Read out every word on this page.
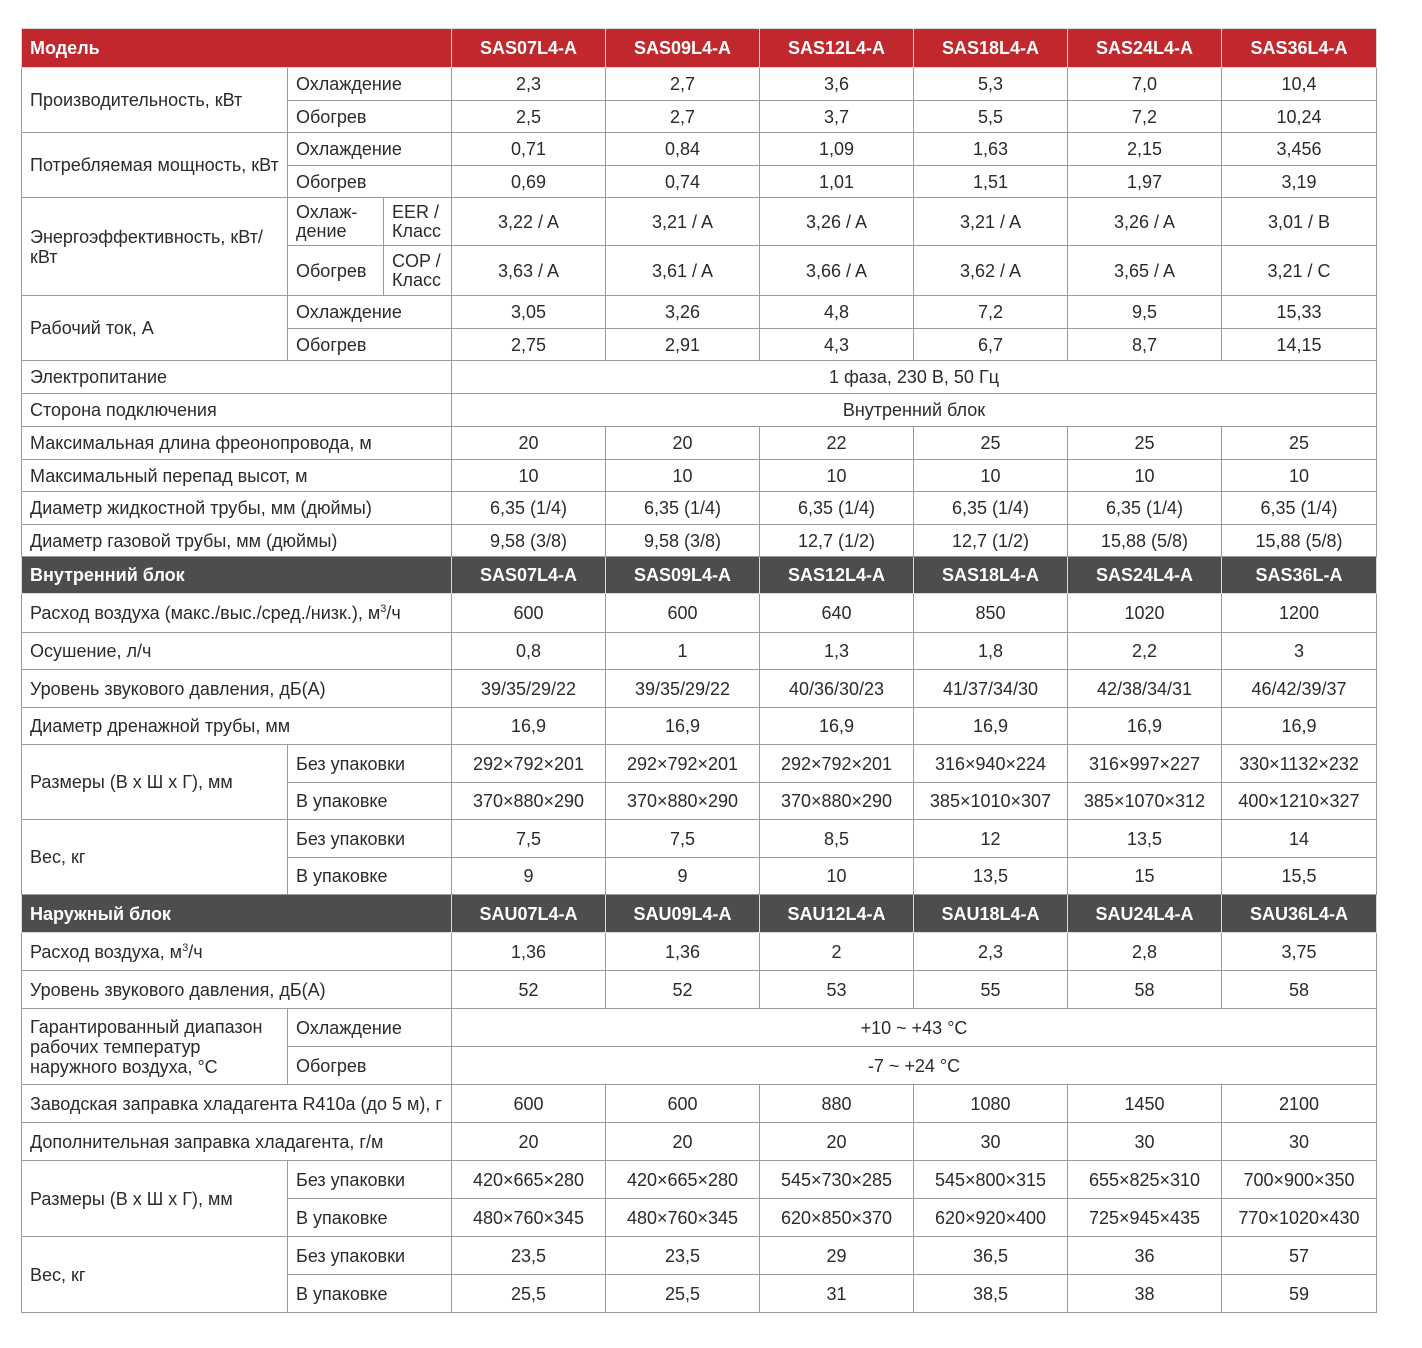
Модель			SAS07L4-A	SAS09L4-A	SAS12L4-A	SAS18L4-A	SAS24L4-A	SAS36L4-A
Производительность, кВт	Охлаждение		2,3	2,7	3,6	5,3	7,0	10,4
	Обогрев		2,5	2,7	3,7	5,5	7,2	10,24
Потребляемая мощность, кВт	Охлаждение		0,71	0,84	1,09	1,63	2,15	3,456
	Обогрев		0,69	0,74	1,01	1,51	1,97	3,19
Энергоэффективность, кВт/кВт	Охлаж-дение	EER / Класс	3,22 / A	3,21 / A	3,26 / A	3,21 / A	3,26 / A	3,01 / B
	Обогрев	COP / Класс	3,63 / A	3,61 / A	3,66 / A	3,62 / A	3,65 / A	3,21 / C
Рабочий ток, А	Охлаждение		3,05	3,26	4,8	7,2	9,5	15,33
	Обогрев		2,75	2,91	4,3	6,7	8,7	14,15
Электропитание			1 фаза, 230 В, 50 Гц					
Сторона подключения			Внутренний блок					
Максимальная длина фреонопровода, м			20	20	22	25	25	25
Максимальный перепад высот, м			10	10	10	10	10	10
Диаметр жидкостной трубы, мм (дюймы)			6,35 (1/4)	6,35 (1/4)	6,35 (1/4)	6,35 (1/4)	6,35 (1/4)	6,35 (1/4)
Диаметр газовой трубы, мм (дюймы)			9,58 (3/8)	9,58 (3/8)	12,7 (1/2)	12,7 (1/2)	15,88 (5/8)	15,88 (5/8)
Внутренний блок			SAS07L4-A	SAS09L4-A	SAS12L4-A	SAS18L4-A	SAS24L4-A	SAS36L-A
Расход воздуха (макс./выс./сред./низк.), $м^3/ч$			600	600	640	850	1020	1200
Осушение, л/ч			0,8	1	1,3	1,8	2,2	3
Уровень звукового давления, дБ(А)			39/35/29/22	39/35/29/22	40/36/30/23	41/37/34/30	42/38/34/31	46/42/39/37
Диаметр дренажной трубы, мм			16,9	16,9	16,9	16,9	16,9	16,9
Размеры (В х Ш х Г), мм	Без упаковки		292×792×201	292×792×201	292×792×201	316×940×224	316×997×227	330×1132×232
	В упаковке		370×880×290	370×880×290	370×880×290	385×1010×307	385×1070×312	400×1210×327
Вес, кг	Без упаковки		7,5	7,5	8,5	12	13,5	14
	В упаковке		9	9	10	13,5	15	15,5
Наружный блок			SAU07L4-A	SAU09L4-A	SAU12L4-A	SAU18L4-A	SAU24L4-A	SAU36L4-A
Расход воздуха, $м^3/ч$			1,36	1,36	2	2,3	2,8	3,75
Уровень звукового давления, дБ(А)			52	52	53	55	58	58
Гарантированный диапазон рабочих температур наружного воздуха, °С	Охлаждение		+10 ~ +43 °C					
	Обогрев		-7 ~ +24 °C					
Заводская заправка хладагента R410a (до 5 м), г			600	600	880	1080	1450	2100
Дополнительная заправка хладагента, г/м			20	20	20	30	30	30
Размеры (В х Ш х Г), мм	Без упаковки		420×665×280	420×665×280	545×730×285	545×800×315	655×825×310	700×900×350
	В упаковке		480×760×345	480×760×345	620×850×370	620×920×400	725×945×435	770×1020×430
Вес, кг	Без упаковки		23,5	23,5	29	36,5	36	57
	В упаковке		25,5	25,5	31	38,5	38	59
